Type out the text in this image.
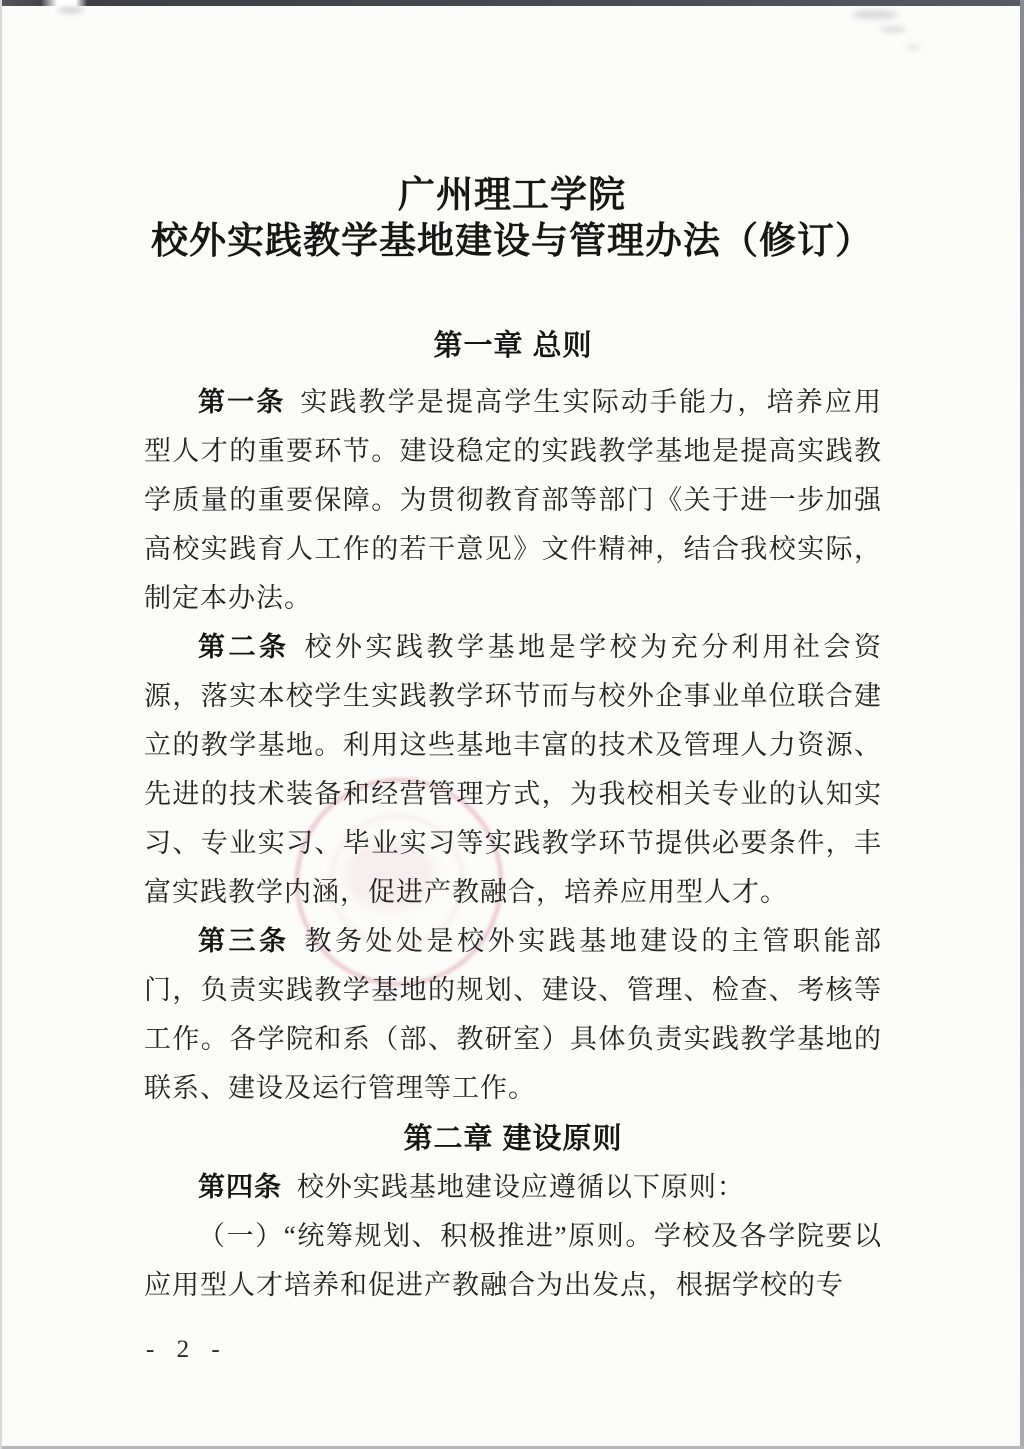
广州理工学院
校外实践教学基地建设与管理办法（修订）
第一章 总则

第一条 实践教学是提高学生实际动手能力，培养应用型人才的重要环节。建设稳定的实践教学基地是提高实践教学质量的重要保障。为贯彻教育部等部门《关于进一步加强高校实践育人工作的若干意见》文件精神，结合我校实际，制定本办法。

第二条 校外实践教学基地是学校为充分利用社会资源，落实本校学生实践教学环节而与校外企事业单位联合建立的教学基地。利用这些基地丰富的技术及管理人力资源、先进的技术装备和经营管理方式，为我校相关专业的认知实习、专业实习、毕业实习等实践教学环节提供必要条件，丰富实践教学内涵，促进产教融合，培养应用型人才。

第三条 教务处处是校外实践基地建设的主管职能部门，负责实践教学基地的规划、建设、管理、检查、考核等工作。各学院和系（部、教研室）具体负责实践教学基地的联系、建设及运行管理等工作。

第二章 建设原则

第四条 校外实践基地建设应遵循以下原则：

（一）“统筹规划、积极推进”原则。学校及各学院要以应用型人才培养和促进产教融合为出发点，根据学校的专

- 2 -
